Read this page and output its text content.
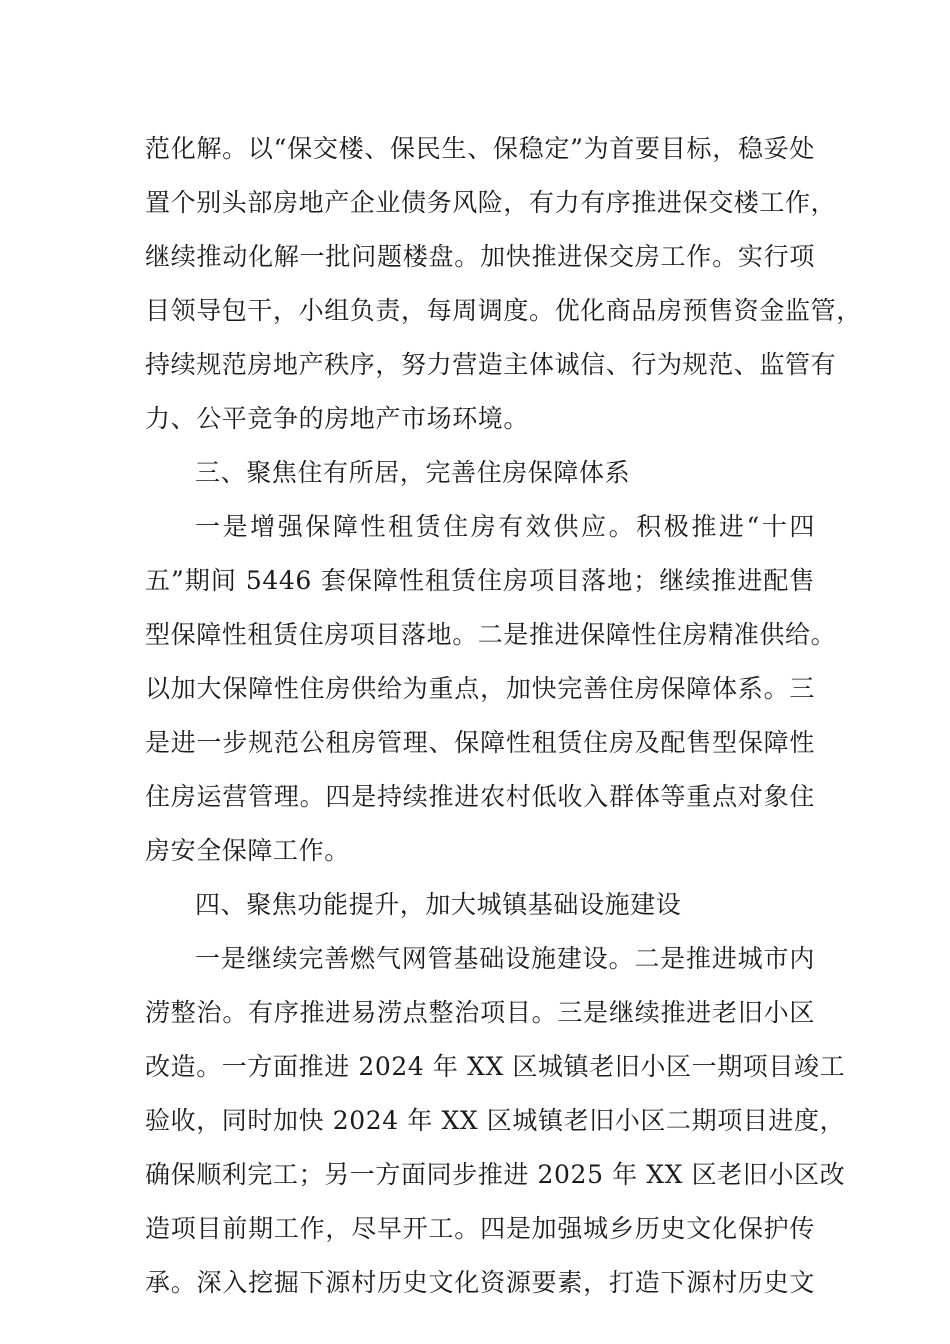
范化解。以“保交楼、保民生、保稳定”为首要目标，稳妥处

置个别头部房地产企业债务风险，有力有序推进保交楼工作，

继续推动化解一批问题楼盘。加快推进保交房工作。实行项

目领导包干，小组负责，每周调度。优化商品房预售资金监管，

持续规范房地产秩序，努力营造主体诚信、行为规范、监管有

力、公平竞争的房地产市场环境。

三、聚焦住有所居，完善住房保障体系

一是增强保障性租赁住房有效供应。积极推进“十四

五”期间 5446 套保障性租赁住房项目落地；继续推进配售

型保障性租赁住房项目落地。二是推进保障性住房精准供给。

以加大保障性住房供给为重点，加快完善住房保障体系。三

是进一步规范公租房管理、保障性租赁住房及配售型保障性

住房运营管理。四是持续推进农村低收入群体等重点对象住

房安全保障工作。

四、聚焦功能提升，加大城镇基础设施建设

一是继续完善燃气网管基础设施建设。二是推进城市内

涝整治。有序推进易涝点整治项目。三是继续推进老旧小区

改造。一方面推进 2024 年 XX 区城镇老旧小区一期项目竣工

验收，同时加快 2024 年 XX 区城镇老旧小区二期项目进度，

确保顺利完工；另一方面同步推进 2025 年 XX 区老旧小区改

造项目前期工作，尽早开工。四是加强城乡历史文化保护传

承。深入挖掘下源村历史文化资源要素，打造下源村历史文
